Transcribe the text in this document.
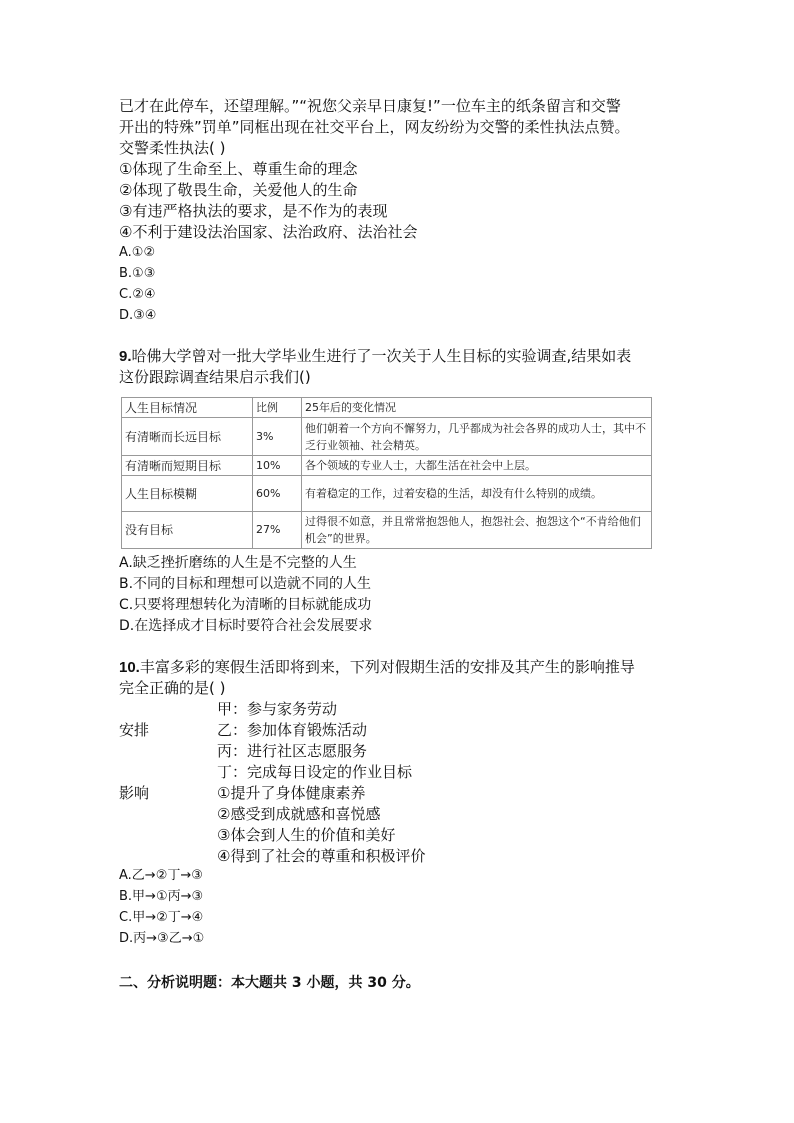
已才在此停车，还望理解。”“祝您父亲早日康复!”一位车主的纸条留言和交警
开出的特殊”罚单”同框出现在社交平台上，网友纷纷为交警的柔性执法点赞。
交警柔性执法( )
①体现了生命至上、尊重生命的理念
②体现了敬畏生命，关爱他人的生命
③有违严格执法的要求，是不作为的表现
④不利于建设法治国家、法治政府、法治社会
A.①②
B.①③
C.②④
D.③④
9.哈佛大学曾对一批大学毕业生进行了一次关于人生目标的实验调查,结果如表
这份跟踪调查结果启示我们()
人生目标情况	比例	25年后的变化情况
有清晰而长远目标	3%	他们朝着一个方向不懈努力，几乎都成为社会各界的成功人士，其中不乏行业领袖、社会精英。
有清晰而短期目标	10%	各个领域的专业人士，大都生活在社会中上层。
人生目标模糊	60%	有着稳定的工作，过着安稳的生活，却没有什么特别的成绩。
没有目标	27%	过得很不如意，并且常常抱怨他人，抱怨社会、抱怨这个“不肯给他们机会”的世界。
A.缺乏挫折磨练的人生是不完整的人生
B.不同的目标和理想可以造就不同的人生
C.只要将理想转化为清晰的目标就能成功
D.在选择成才目标时要符合社会发展要求
10.丰富多彩的寒假生活即将到来，下列对假期生活的安排及其产生的影响推导
完全正确的是( )
甲：参与家务劳动
安排	乙：参加体育锻炼活动
丙：进行社区志愿服务
丁：完成每日设定的作业目标
影响	①提升了身体健康素养
②感受到成就感和喜悦感
③体会到人生的价值和美好
④得到了社会的尊重和积极评价
A.乙→②丁→③
B.甲→①丙→③
C.甲→②丁→④
D.丙→③乙→①
二、分析说明题：本大题共 3 小题，共 30 分。
